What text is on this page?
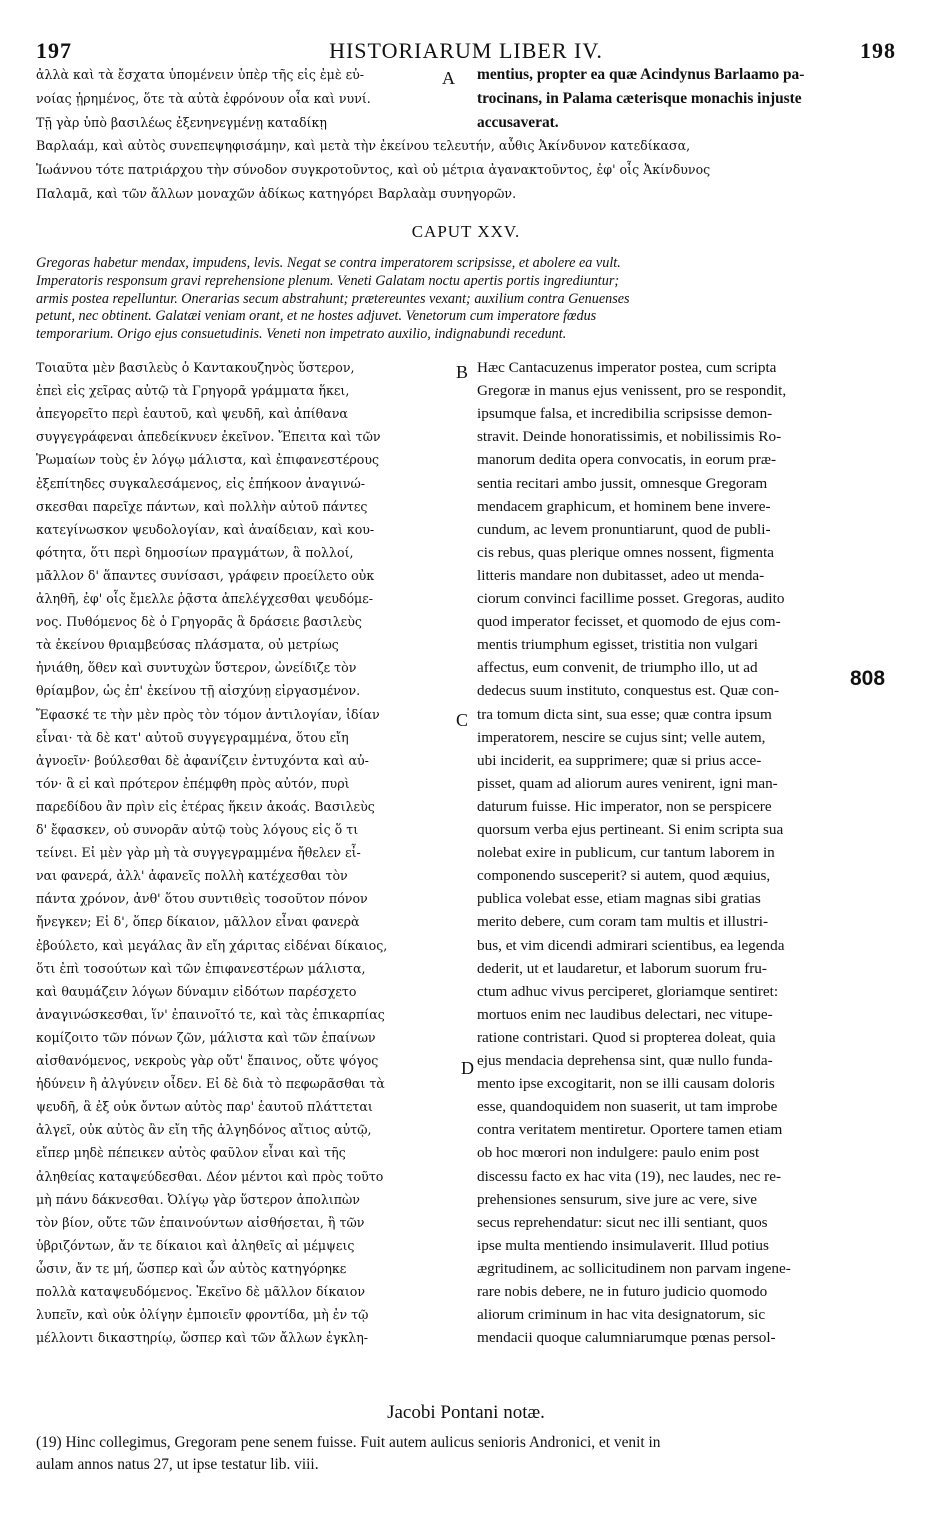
197	HISTORIARUM LIBER IV.	198
ἀλλὰ καὶ τὰ ἔσχατα ὑπομένειν ὑπὲρ τῆς εἰς ἐμὲ εὐ-
νοίας ᾐρημένος, ὅτε τὰ αὐτὰ ἐφρόνουν οἷα καὶ νυνί.
Τῇ γὰρ ὑπὸ βασιλέως ἐξενηνεγμένῃ καταδίκῃ
A mentius, propter ea quæ Acindynus Barlaamo pa-
trocinans, in Palama cæterisque monachis injuste
accusaverat.
Βαρλαάμ, καὶ αὐτὸς συνεπεψηφισάμην, καὶ μετὰ τὴν ἐκείνου τελευτήν, αὖθις Ἀκίνδυνον κατεδίκασα,
Ἰωάννου τότε πατριάρχου τὴν σύνοδον συγκροτοῦντος, καὶ οὐ μέτρια ἀγανακτοῦντος, ἐφ' οἷς Ἀκίνδυνος
Παλαμᾶ, καὶ τῶν ἄλλων μοναχῶν ἀδίκως κατηγόρει Βαρλαὰμ συνηγορῶν.
CAPUT XXV.
Gregoras habetur mendax, impudens, levis. Negat se contra imperatorem scripsisse, et abolere ea vult.
Imperatoris responsum gravi reprehensione plenum. Veneti Galatam noctu apertis portis ingrediuntur;
armis postea repelluntur. Onerarias secum abstrahunt; prætereuntes vexant; auxilium contra Genuenses
petunt, nec obtinent. Galatæi veniam orant, et ne hostes adjuvet. Venetorum cum imperatore fœdus
temporarium. Origo ejus consuetudinis. Veneti non impetrato auxilio, indignabundi recedunt.
Τοιαῦτα μὲν βασιλεὺς ὁ Καντακουζηνὸς ὕστερον,
ἐπεὶ εἰς χεῖρας αὐτῷ τὰ Γρηγορᾶ γράμματα ἥκει,
ἀπεγορεῖτο περὶ ἑαυτοῦ, καὶ ψευδῆ, καὶ ἀπίθανα
συγγεγράφεναι ἀπεδείκνυεν ἐκεῖνον. Ἔπειτα καὶ τῶν
Ῥωμαίων τοὺς ἐν λόγῳ μάλιστα, καὶ ἐπιφανεστέρους
ἐξεπίτηδες συγκαλεσάμενος, εἰς ἐπήκοον ἀναγινώ-
σκεσθαι παρεῖχε πάντων, καὶ πολλὴν αὐτοῦ πάντες
κατεγίνωσκον ψευδολογίαν, καὶ ἀναίδειαν, καὶ κου-
φότητα, ὅτι περὶ δημοσίων πραγμάτων, ἃ πολλοί,
μᾶλλον δ' ἅπαντες συνίσασι, γράφειν προείλετο οὐκ
ἀληθῆ, ἐφ' οἷς ἔμελλε ῥᾷστα ἀπελέγχεσθαι ψευδόμε-
νος. Πυθόμενος δὲ ὁ Γρηγορᾶς ἃ δράσειε βασιλεὺς
τὰ ἐκείνου θριαμβεύσας πλάσματα, οὐ μετρίως
ἠνιάθη, ὅθεν καὶ συντυχὼν ὕστερον, ὠνείδιζε τὸν
θρίαμβον, ὡς ἐπ' ἐκείνου τῇ αἰσχύνῃ εἰργασμένον.
Ἔφασκέ τε τὴν μὲν πρὸς τὸν τόμον ἀντιλογίαν, ἰδίαν
εἶναι· τὰ δὲ κατ' αὐτοῦ συγγεγραμμένα, ὅτου εἴη
ἀγνοεῖν· βούλεσθαι δὲ ἀφανίζειν ἐντυχόντα καὶ αὐ-
τόν· ἃ εἰ καὶ πρότερον ἐπέμφθη πρὸς αὐτόν, πυρὶ
παρεδίδου ἂν πρὶν εἰς ἑτέρας ἥκειν ἀκοάς. Βασιλεὺς
δ' ἔφασκεν, οὐ συνορᾶν αὐτῷ τοὺς λόγους εἰς ὅ τι
τείνει. Εἰ μὲν γὰρ μὴ τὰ συγγεγραμμένα ἤθελεν εἶ-
ναι φανερά, ἀλλ' ἀφανεῖς πολλὴ κατέχεσθαι τὸν
πάντα χρόνον, ἀνθ' ὅτου συντιθεὶς τοσοῦτον πόνον
ἤνεγκεν; Εἰ δ', ὅπερ δίκαιον, μᾶλλον εἶναι φανερὰ
ἐβούλετο, καὶ μεγάλας ἂν εἴη χάριτας εἰδέναι δίκαιος,
ὅτι ἐπὶ τοσούτων καὶ τῶν ἐπιφανεστέρων μάλιστα,
καὶ θαυμάζειν λόγων δύναμιν εἰδότων παρέσχετο
ἀναγινώσκεσθαι, ἵν' ἐπαινοῖτό τε, καὶ τὰς ἐπικαρπίας
κομίζοιτο τῶν πόνων ζῶν, μάλιστα καὶ τῶν ἐπαίνων
αἰσθανόμενος, νεκροὺς γὰρ οὔτ' ἔπαινος, οὔτε ψόγος
ἡδύνειν ἢ ἀλγύνειν οἶδεν. Εἰ δὲ διὰ τὸ πεφωρᾶσθαι τὰ
ψευδῆ, ἃ ἐξ οὐκ ὄντων αὐτὸς παρ' ἑαυτοῦ πλάττεται
ἀλγεῖ, οὐκ αὐτὸς ἂν εἴη τῆς ἀλγηδόνος αἴτιος αὐτῷ,
εἴπερ μηδὲ πέπεικεν αὐτὸς φαῦλον εἶναι καὶ τῆς
ἀληθείας καταψεύδεσθαι. Δέον μέντοι καὶ πρὸς τοῦτο
μὴ πάνυ δάκνεσθαι. Ὀλίγῳ γὰρ ὕστερον ἀπολιπὼν
τὸν βίον, οὔτε τῶν ἐπαινούντων αἰσθήσεται, ἢ τῶν
ὑβριζόντων, ἄν τε δίκαιοι καὶ ἀληθεῖς αἱ μέμψεις
ὦσιν, ἄν τε μή, ὥσπερ καὶ ὧν αὐτὸς κατηγόρηκε
πολλὰ καταψευδόμενος. Ἐκεῖνο δὲ μᾶλλον δίκαιον
λυπεῖν, καὶ οὐκ ὀλίγην ἐμποιεῖν φροντίδα, μὴ ἐν τῷ
μέλλοντι δικαστηρίῳ, ὥσπερ καὶ τῶν ἄλλων ἐγκλη-
Hæc Cantacuzenus imperator postea, cum scripta
Gregoræ in manus ejus venissent, pro se respondit,
ipsumque falsa, et incredibilia scripsisse demon-
stravit. Deinde honoratissimis, et nobilissimis Ro-
manorum dedita opera convocatis, in eorum præ-
sentia recitari ambo jussit, omnesque Gregoram
mendacem graphicum, et hominem bene invere-
cundum, ac levem pronuntiarunt, quod de publi-
cis rebus, quas plerique omnes nossent, figmenta
litteris mandare non dubitasset, adeo ut menda-
ciorum convinci facillime posset. Gregoras, audito
quod imperator fecisset, et quomodo de ejus com-
mentis triumphum egisset, tristitia non vulgari
affectus, eum convenit, de triumpho illo, ut ad
dedecus suum instituto, conquestus est. Quæ con-
tra tomum dicta sint, sua esse; quæ contra ipsum
imperatorem, nescire se cujus sint; velle autem,
ubi inciderit, ea supprimere; quæ si prius acce-
pisset, quam ad aliorum aures venirent, igni man-
daturum fuisse. Hic imperator, non se perspicere
quorsum verba ejus pertineant. Si enim scripta sua
nolebat exire in publicum, cur tantum laborem in
componendo susceperit? si autem, quod æquius,
publica volebat esse, etiam magnas sibi gratias
merito debere, cum coram tam multis et illustri-
bus, et vim dicendi admirari scientibus, ea legenda
dederit, ut et laudaretur, et laborum suorum fru-
ctum adhuc vivus perciperet, gloriamque sentiret:
mortuos enim nec laudibus delectari, nec vitupe-
ratione contristari. Quod si propterea doleat, quia
ejus mendacia deprehensa sint, quæ nullo funda-
mento ipse excogitarit, non se illi causam doloris
esse, quandoquidem non suaserit, ut tam improbe
contra veritatem mentiretur. Oportere tamen etiam
ob hoc mœrori non indulgere: paulo enim post
discessu facto ex hac vita (19), nec laudes, nec re-
prehensiones sensurum, sive jure ac vere, sive
secus reprehendatur: sicut nec illi sentiant, quos
ipse multa mentiendo insimulaverit. Illud potius
ægritudinem, ac sollicitudinem non parvam ingene-
rare nobis debere, ne in futuro judicio quomodo
aliorum criminum in hac vita designatorum, sic
mendacii quoque calumniarumque pœnas persol-
B
C
D
808
Jacobi Pontani notæ.
(19) Hinc collegimus, Gregoram pene senem fuisse. Fuit autem aulicus senioris Andronici, et venit in
aulam annos natus 27, ut ipse testatur lib. viii.
